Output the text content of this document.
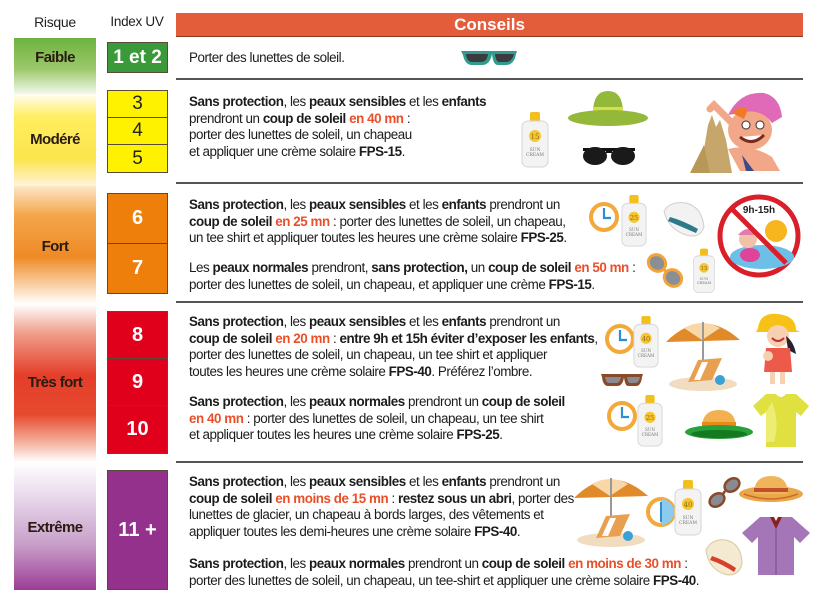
Risque	Index UV	Conseils
Faible
Modéré
Fort
Très fort
Extrême
1 et 2
3
4
5
6
7
8
9
10
11 +
Porter des lunettes de soleil.
Sans protection, les peaux sensibles et les enfants
prendront un coup de soleil en 40 mn :
porter des lunettes de soleil, un chapeau
et appliquer une crème solaire FPS-15.
Sans protection, les peaux sensibles et les enfants prendront un
coup de soleil en 25 mn : porter des lunettes de soleil, un chapeau,
un tee shirt et appliquer toutes les heures une crème solaire FPS-25.
Les peaux normales prendront, sans protection, un coup de soleil en 50 mn :
porter des lunettes de soleil, un chapeau, et appliquer une crème FPS-15.
Sans protection, les peaux sensibles et les enfants prendront un
coup de soleil en 20 mn : entre 9h et 15h éviter d’exposer les enfants,
porter des lunettes de soleil, un chapeau, un tee shirt et appliquer
toutes les heures une crème solaire FPS-40. Préférez l’ombre.
Sans protection, les peaux normales prendront un coup de soleil
en 40 mn : porter des lunettes de soleil, un chapeau, un tee shirt
et appliquer toutes les heures une crème solaire FPS-25.
Sans protection, les peaux sensibles et les enfants prendront un
coup de soleil en moins de 15 mn : restez sous un abri, porter des
lunettes de glacier, un chapeau à bords larges, des vêtements et
appliquer toutes les demi-heures une crème solaire FPS-40.
Sans protection, les peaux normales prendront un coup de soleil en moins de 30 mn :
porter des lunettes de soleil, un chapeau, un tee-shirt et appliquer une crème solaire FPS-40.
15
SUN
CREAM
25
SUN
CREAM
9h-15h
15
SUN
CREAM
40
SUN
CREAM
25
SUN
CREAM
40
SUN
CREAM
